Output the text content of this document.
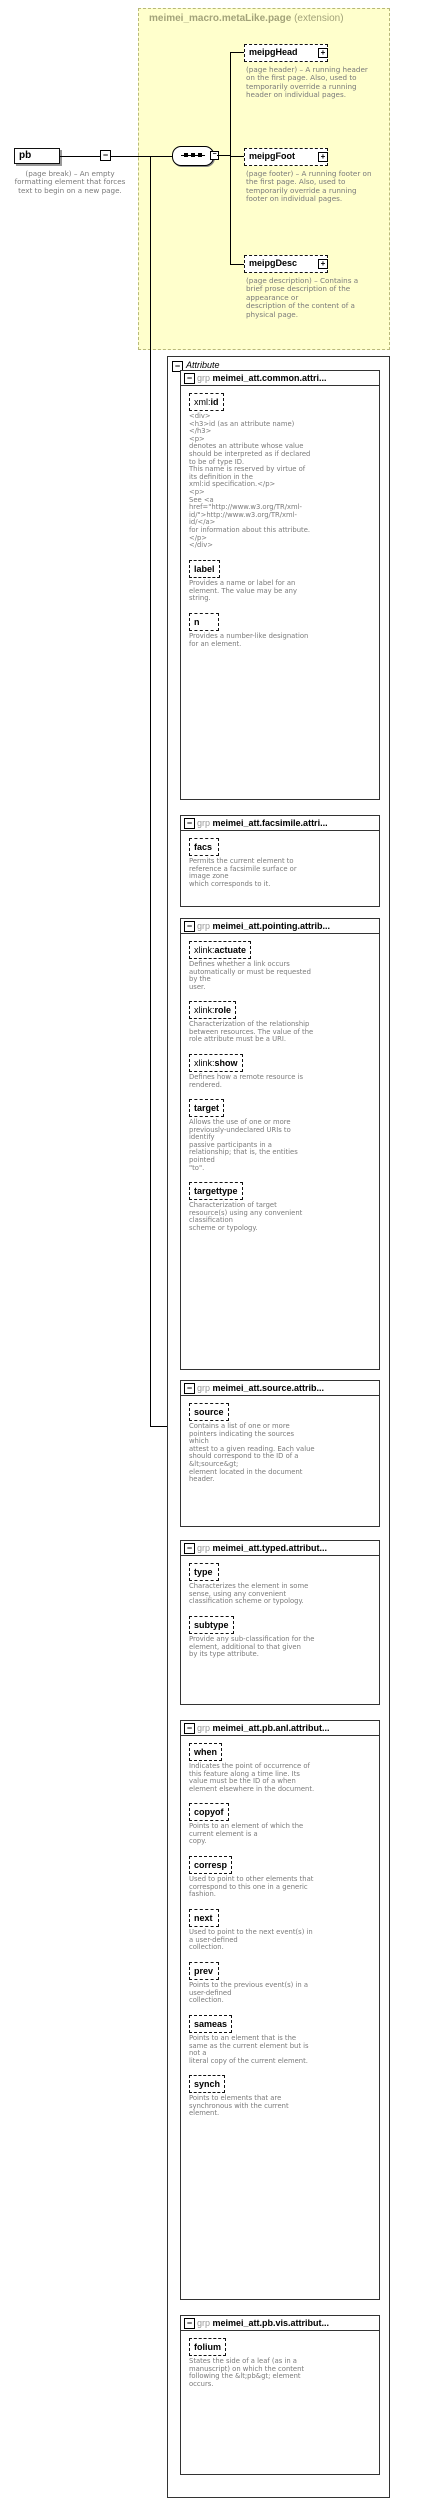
meimei_macro.metaLike.page (extension)
pb
(page break) – An empty formatting element that forces text to begin on a new page.
−	−
meipgHead	+
(page header) – A running header on the first page. Also, used to
temporarily override a running header on individual pages.
meipgFoot	+
(page footer) – A running footer on the first page. Also, used to
temporarily override a running footer on individual pages.
meipgDesc	+
(page description) – Contains a brief prose description of the appearance or
description of the content of a physical page.
− Attribute
− grp meimei_att.common.attri...
xml:id
<div>
<h3>id (as an attribute name)</h3>
<p>
denotes an attribute whose value
should be interpreted as if declared to be of type ID.
This name is reserved by virtue of its definition in the
xml:id specification.</p>
<p>
See <a href="http://www.w3.org/TR/xml-id/">http://www.w3.org/TR/xml-id/</a>
for information about this attribute.
</p>
</div>
label
Provides a name or label for an element. The value may be any
string.
n
Provides a number-like designation for an element.
− grp meimei_att.facsimile.attri...
facs
Permits the current element to reference a facsimile surface or image zone
which corresponds to it.
− grp meimei_att.pointing.attrib...
xlink:actuate
Defines whether a link occurs automatically or must be requested by the
user.
xlink:role
Characterization of the relationship between resources. The value of the
role attribute must be a URI.
xlink:show
Defines how a remote resource is rendered.
target
Allows the use of one or more previously-undeclared URIs to identify
passive participants in a relationship; that is, the entities pointed
"to".
targettype
Characterization of target resource(s) using any convenient classification
scheme or typology.
− grp meimei_att.source.attrib...
source
Contains a list of one or more pointers indicating the sources which
attest to a given reading. Each value should correspond to the ID of a &lt;source&gt;
element located in the document header.
− grp meimei_att.typed.attribut...
type
Characterizes the element in some sense, using any convenient
classification scheme or typology.
subtype
Provide any sub-classification for the element, additional to that given
by its type attribute.
− grp meimei_att.pb.anl.attribut...
when
Indicates the point of occurrence of this feature along a time line. Its
value must be the ID of a when element elsewhere in the document.
copyof
Points to an element of which the current element is a
copy.
corresp
Used to point to other elements that correspond to this one in a generic
fashion.
next
Used to point to the next event(s) in a user-defined
collection.
prev
Points to the previous event(s) in a user-defined
collection.
sameas
Points to an element that is the same as the current element but is not a
literal copy of the current element.
synch
Points to elements that are synchronous with the current
element.
− grp meimei_att.pb.vis.attribut...
folium
States the side of a leaf (as in a manuscript) on which the content
following the &lt;pb&gt; element occurs.
